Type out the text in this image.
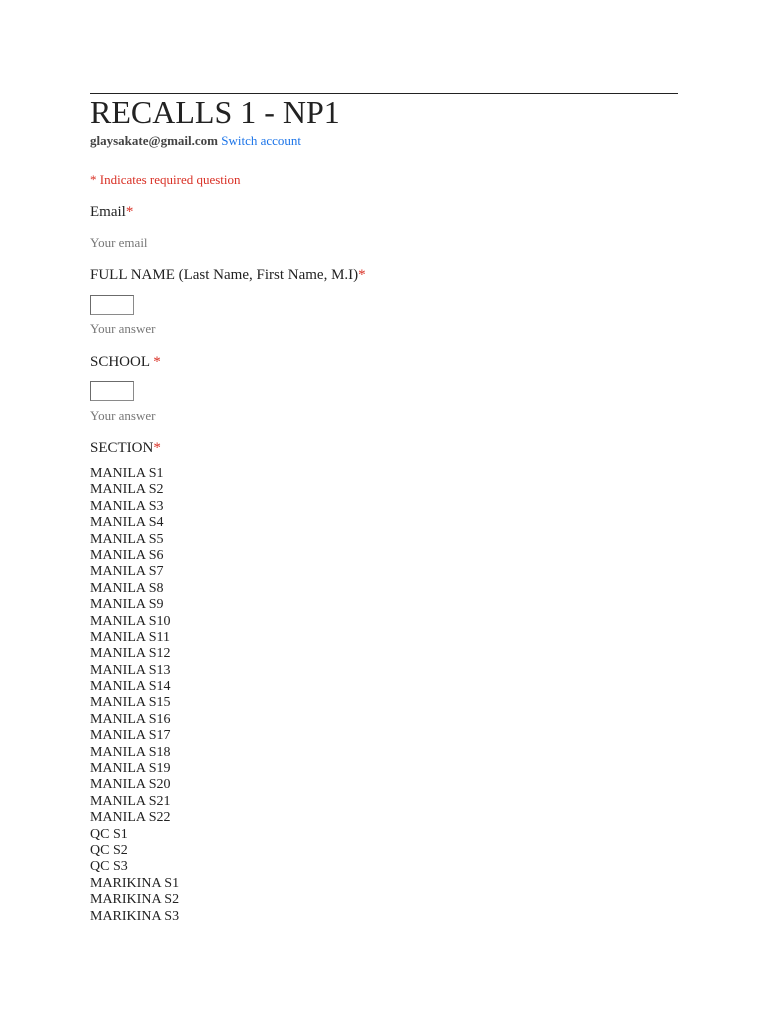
RECALLS 1 - NP1
glaysakate@gmail.com Switch account
* Indicates required question
Email*
Your email
FULL NAME (Last Name, First Name, M.I)*
Your answer
SCHOOL *
Your answer
SECTION*
MANILA S1
MANILA S2
MANILA S3
MANILA S4
MANILA S5
MANILA S6
MANILA S7
MANILA S8
MANILA S9
MANILA S10
MANILA S11
MANILA S12
MANILA S13
MANILA S14
MANILA S15
MANILA S16
MANILA S17
MANILA S18
MANILA S19
MANILA S20
MANILA S21
MANILA S22
QC S1
QC S2
QC S3
MARIKINA S1
MARIKINA S2
MARIKINA S3
